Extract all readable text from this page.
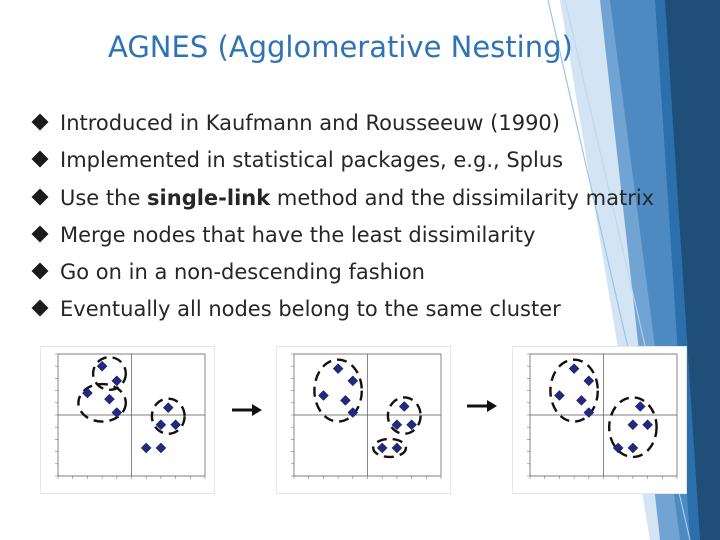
AGNES (Agglomerative Nesting)
Introduced in Kaufmann and Rousseeuw (1990)
Implemented in statistical packages, e.g., Splus
Use the single-link method and the dissimilarity matrix
Merge nodes that have the least dissimilarity
Go on in a non-descending fashion
Eventually all nodes belong to the same cluster
